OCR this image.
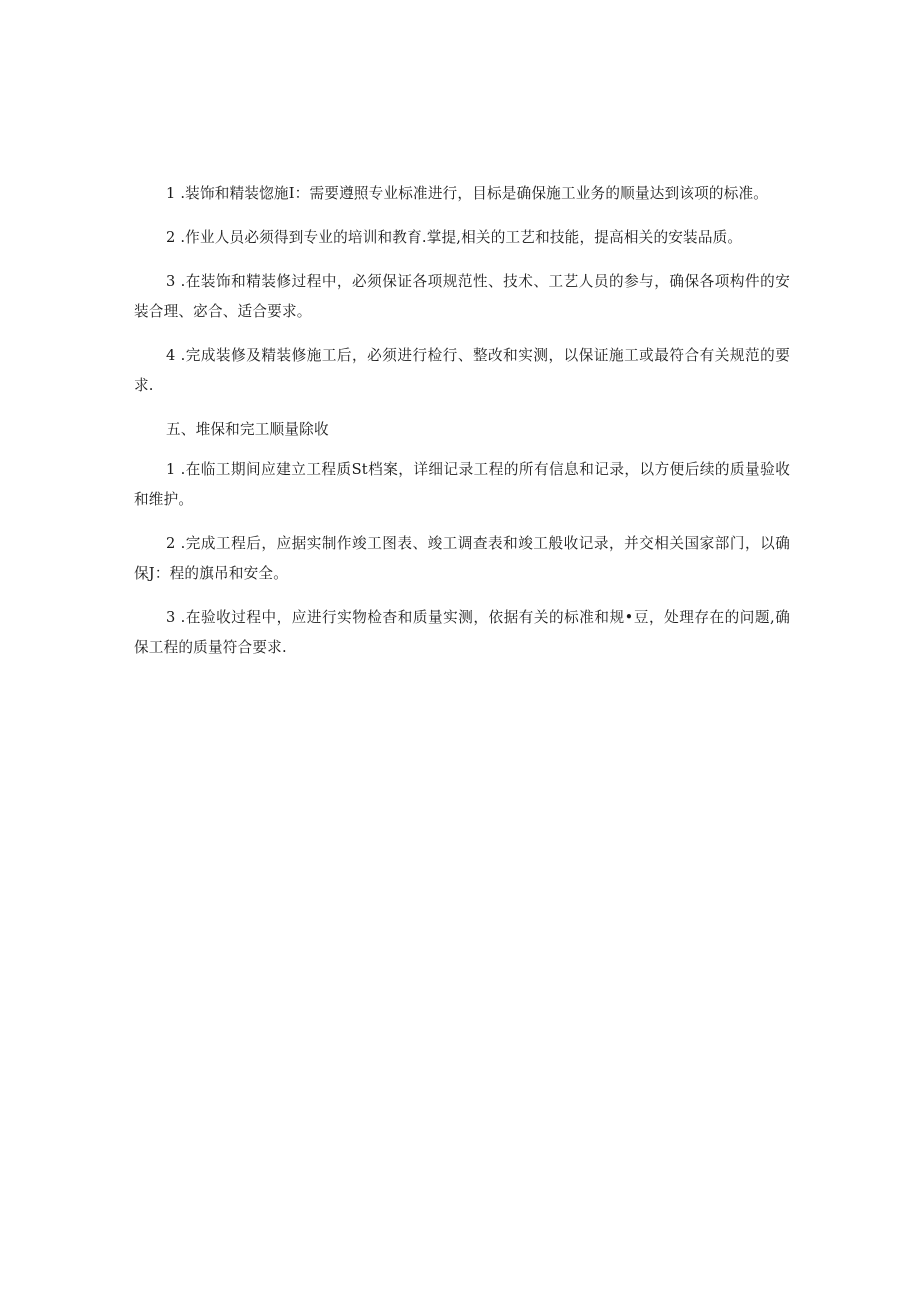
1 .装饰和精装惚施I：需要遵照专业标准进行，目标是确保施工业务的顺量达到该项的标准。

2 .作业人员必须得到专业的培训和教育.掌提,相关的工艺和技能，提高相关的安装品质。

3 .在装饰和精装修过程中，必须保证各项规范性、技术、工艺人员的参与，确保各项构件的安装合理、宓合、适合要求。

4 .完成装修及精装修施工后，必须进行检行、整改和实测，以保证施工或最符合有关规范的要求.

五、堆保和完工顺量除收

1 .在临工期间应建立工程质St档案，详细记录工程的所有信息和记录，以方便后续的质量验收和维护。

2 .完成工程后，应据实制作竣工图表、竣工调查表和竣工般收记录，并交相关国家部门，以确保J：程的旗吊和安全。

3 .在验收过程中，应进行实物检杳和质量实测，依据有关的标准和规•豆，处理存在的问题,确保工程的质量符合要求.
